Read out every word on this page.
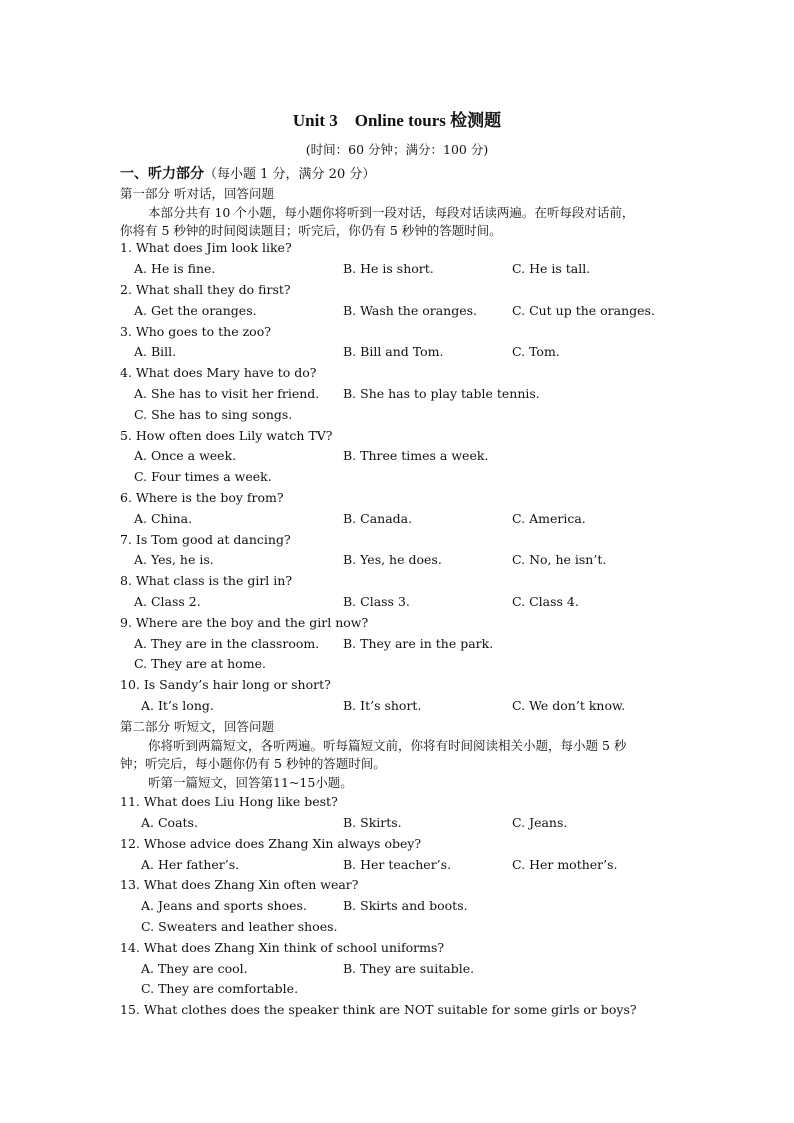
Unit 3　Online tours 检测题
(时间：60 分钟；满分：100 分)
一、听力部分（每小题 1 分，满分 20 分）
第一部分 听对话，回答问题
本部分共有 10 个小题，每小题你将听到一段对话，每段对话读两遍。在听每段对话前，
你将有 5 秒钟的时间阅读题目；听完后，你仍有 5 秒钟的答题时间。
1. What does Jim look like?
A. He is fine.	B. He is short.	C. He is tall.
2. What shall they do first?
A. Get the oranges.	B. Wash the oranges.	C. Cut up the oranges.
3. Who goes to the zoo?
A. Bill.	B. Bill and Tom.	C. Tom.
4. What does Mary have to do?
A. She has to visit her friend. B. She has to play table tennis.
C. She has to sing songs.
5. How often does Lily watch TV?
A. Once a week.	B. Three times a week.
C. Four times a week.
6. Where is the boy from?
A. China.	B. Canada.	C. America.
7. Is Tom good at dancing?
A. Yes, he is.	B. Yes, he does.	C. No, he isn’t.
8. What class is the girl in?
A. Class 2.	B. Class 3.	C. Class 4.
9. Where are the boy and the girl now?
A. They are in the classroom. B. They are in the park.
C. They are at home.
10. Is Sandy’s hair long or short?
A. It’s long.	B. It’s short.	C. We don’t know.
第二部分 听短文，回答问题
你将听到两篇短文，各听两遍。听每篇短文前，你将有时间阅读相关小题，每小题 5 秒
钟；听完后，每小题你仍有 5 秒钟的答题时间。
听第一篇短文，回答第11~15小题。
11. What does Liu Hong like best?
A. Coats.	B. Skirts.	C. Jeans.
12. Whose advice does Zhang Xin always obey?
A. Her father’s.	B. Her teacher’s.	C. Her mother’s.
13. What does Zhang Xin often wear?
A. Jeans and sports shoes.	B. Skirts and boots.
C. Sweaters and leather shoes.
14. What does Zhang Xin think of school uniforms?
A. They are cool.	B. They are suitable.
C. They are comfortable.
15. What clothes does the speaker think are NOT suitable for some girls or boys?
